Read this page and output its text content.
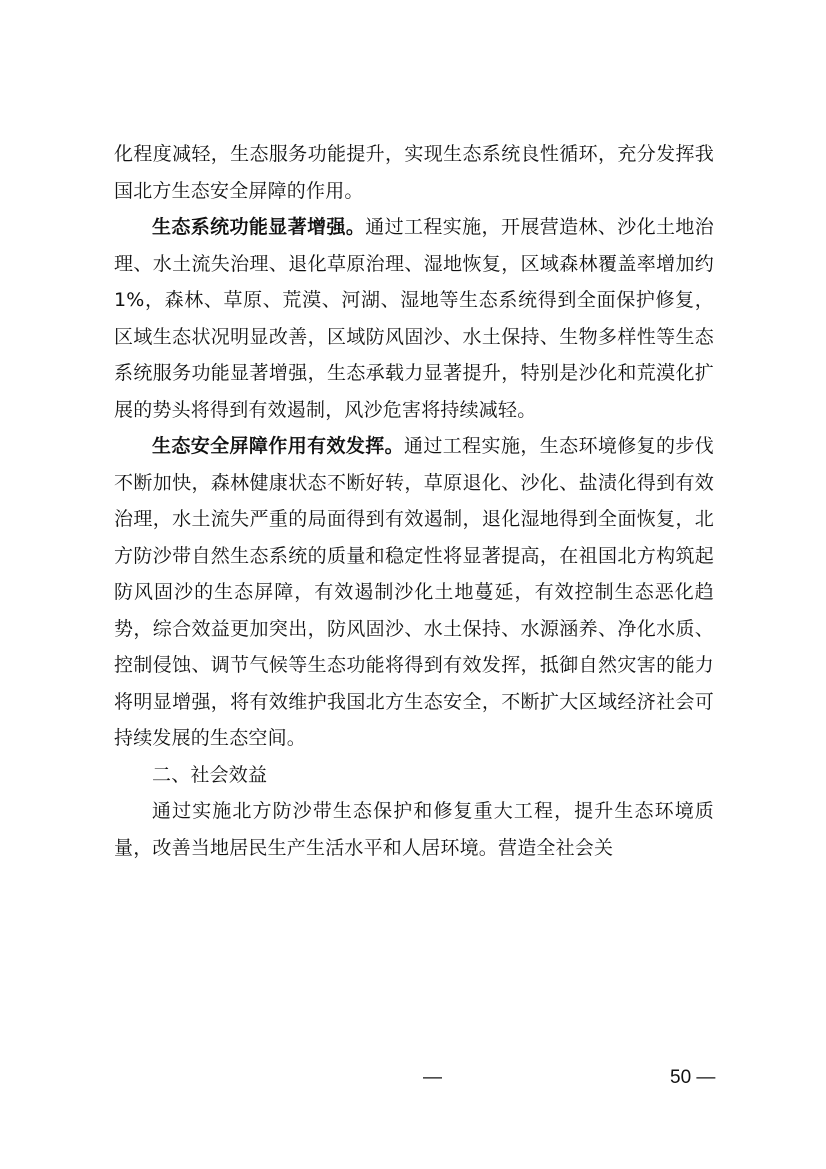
化程度减轻，生态服务功能提升，实现生态系统良性循环，充分发挥我国北方生态安全屏障的作用。

生态系统功能显著增强。通过工程实施，开展营造林、沙化土地治理、水土流失治理、退化草原治理、湿地恢复，区域森林覆盖率增加约 1%，森林、草原、荒漠、河湖、湿地等生态系统得到全面保护修复，区域生态状况明显改善，区域防风固沙、水土保持、生物多样性等生态系统服务功能显著增强，生态承载力显著提升，特别是沙化和荒漠化扩展的势头将得到有效遏制，风沙危害将持续减轻。

生态安全屏障作用有效发挥。通过工程实施，生态环境修复的步伐不断加快，森林健康状态不断好转，草原退化、沙化、盐渍化得到有效治理，水土流失严重的局面得到有效遏制，退化湿地得到全面恢复，北方防沙带自然生态系统的质量和稳定性将显著提高，在祖国北方构筑起防风固沙的生态屏障，有效遏制沙化土地蔓延，有效控制生态恶化趋势，综合效益更加突出，防风固沙、水土保持、水源涵养、净化水质、控制侵蚀、调节气候等生态功能将得到有效发挥，抵御自然灾害的能力将明显增强，将有效维护我国北方生态安全，不断扩大区域经济社会可持续发展的生态空间。

二、社会效益

通过实施北方防沙带生态保护和修复重大工程，提升生态环境质量，改善当地居民生产生活水平和人居环境。营造全社会关

—	50 —
